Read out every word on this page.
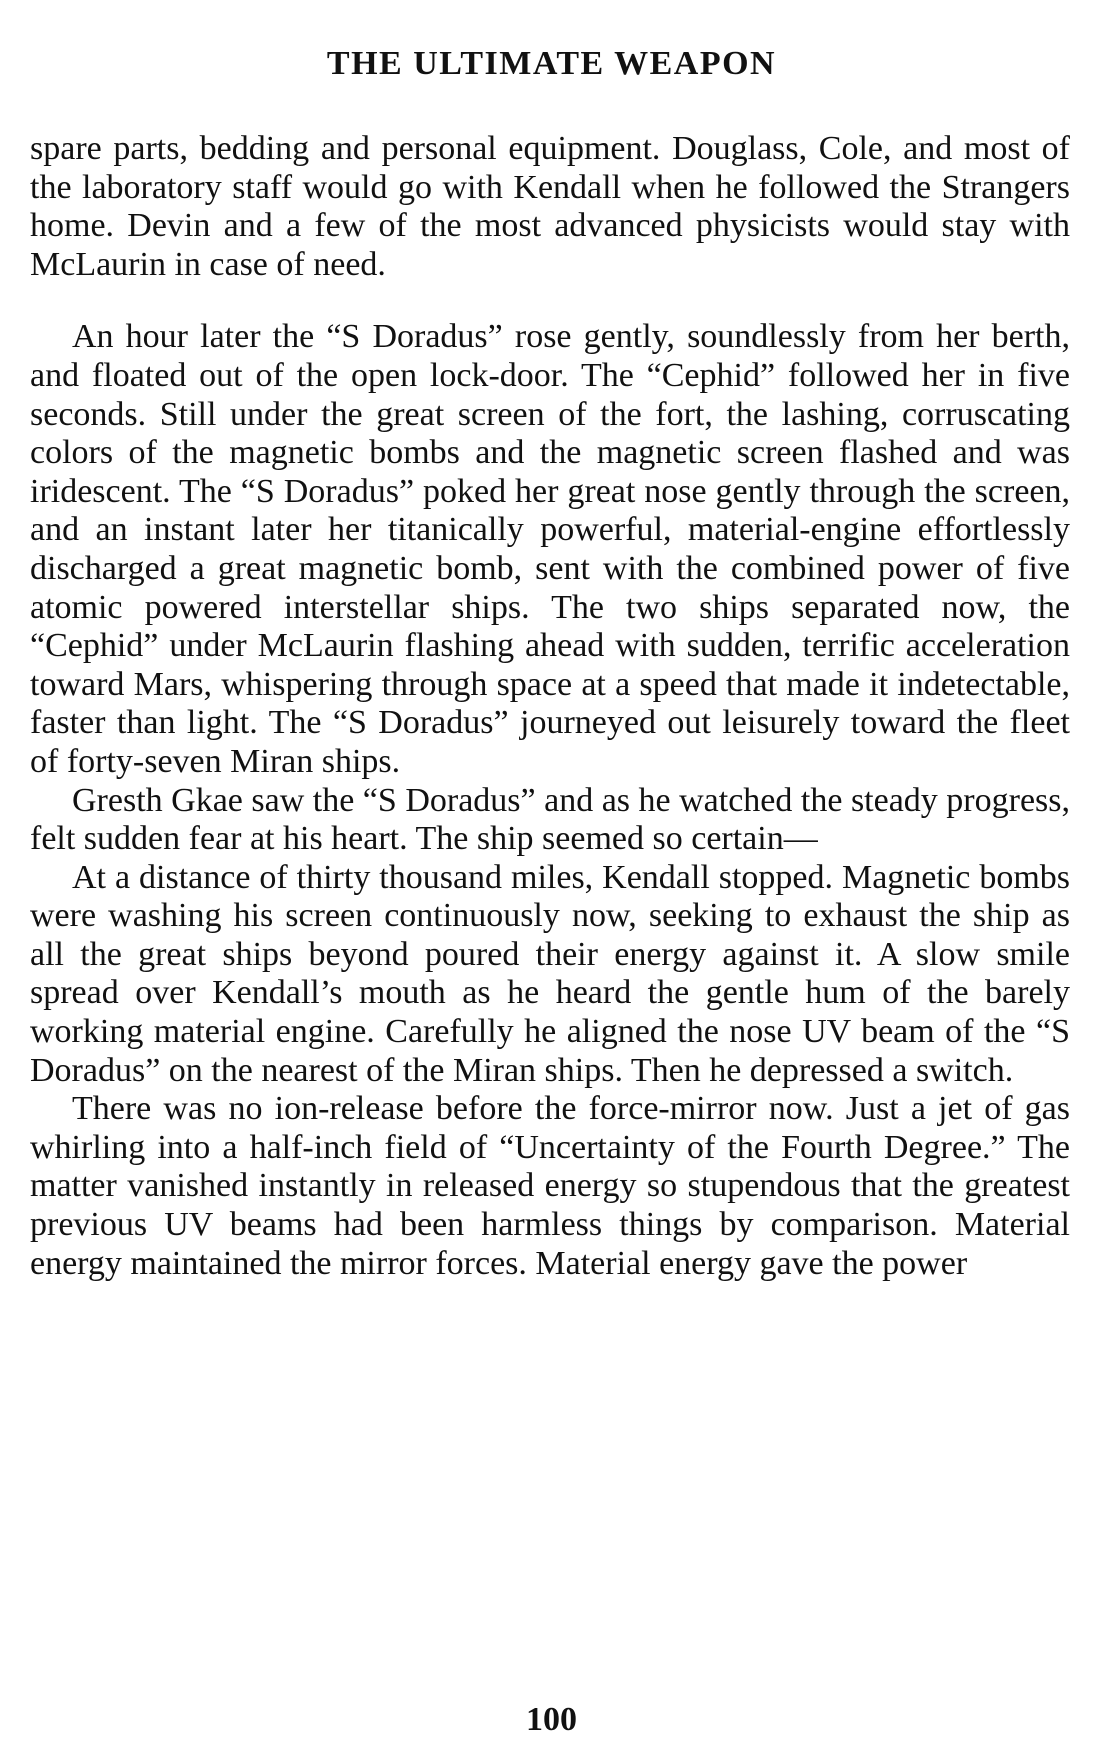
THE ULTIMATE WEAPON

spare parts, bedding and personal equipment. Douglass, Cole, and most of the laboratory staff would go with Kendall when he followed the Strangers home. Devin and a few of the most advanced physicists would stay with McLaurin in case of need.

An hour later the “S Doradus” rose gently, soundlessly from her berth, and floated out of the open lock-door. The “Cephid” followed her in five seconds. Still under the great screen of the fort, the lashing, corruscating colors of the magnetic bombs and the magnetic screen flashed and was iridescent. The “S Doradus” poked her great nose gently through the screen, and an instant later her titanically powerful, material-engine effortlessly discharged a great magnetic bomb, sent with the combined power of five atomic powered interstellar ships. The two ships separated now, the “Cephid” under McLaurin flashing ahead with sudden, terrific acceleration toward Mars, whispering through space at a speed that made it indetectable, faster than light. The “S Doradus” journeyed out leisurely toward the fleet of forty-seven Miran ships.

Gresth Gkae saw the “S Doradus” and as he watched the steady progress, felt sudden fear at his heart. The ship seemed so certain—

At a distance of thirty thousand miles, Kendall stopped. Magnetic bombs were washing his screen continuously now, seeking to exhaust the ship as all the great ships beyond poured their energy against it. A slow smile spread over Kendall’s mouth as he heard the gentle hum of the barely working material engine. Carefully he aligned the nose UV beam of the “S Doradus” on the nearest of the Miran ships. Then he depressed a switch.

There was no ion-release before the force-mirror now. Just a jet of gas whirling into a half-inch field of “Uncertainty of the Fourth Degree.” The matter vanished instantly in released energy so stupendous that the greatest previous UV beams had been harmless things by comparison. Material energy maintained the mirror forces. Material energy gave the power

100
